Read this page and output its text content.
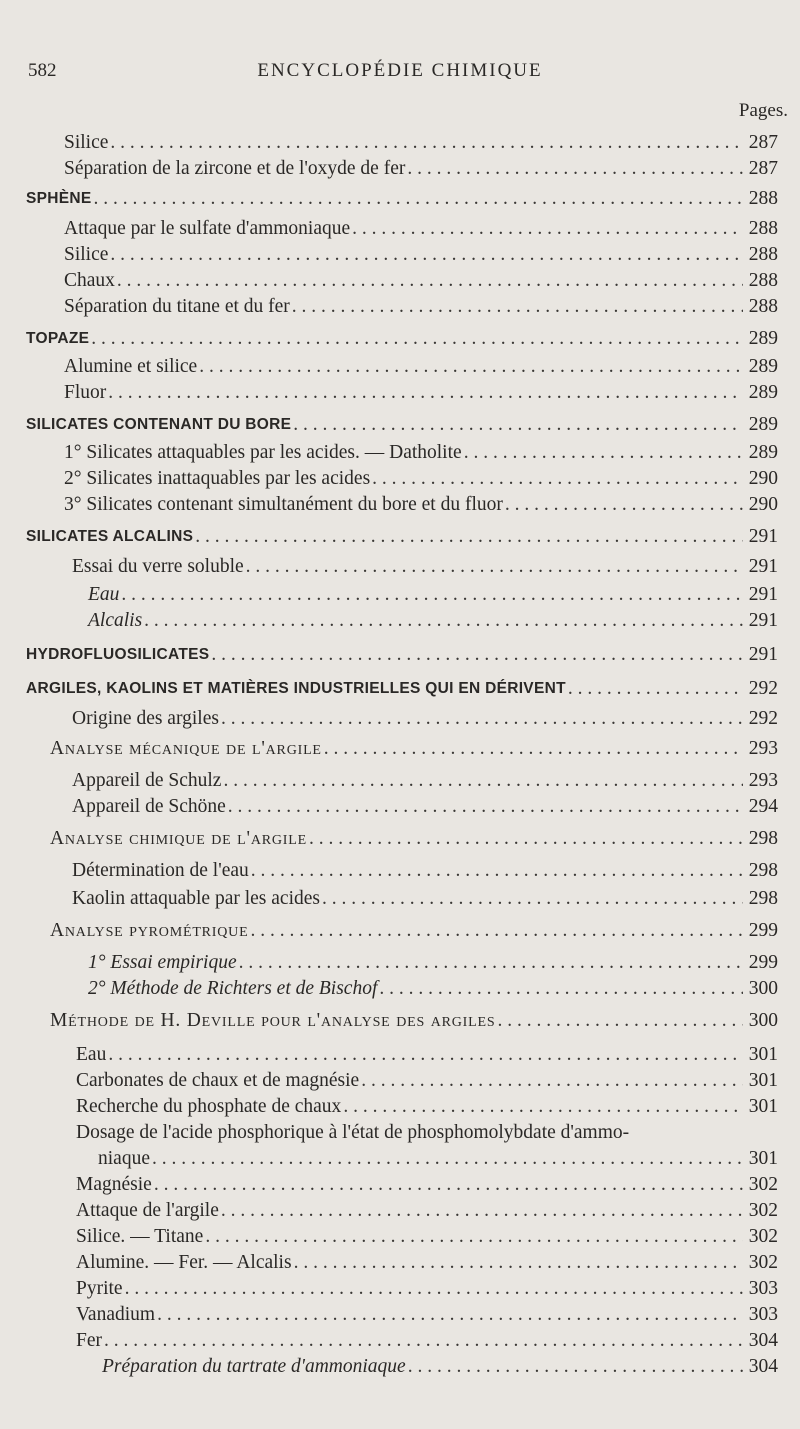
582	ENCYCLOPÉDIE CHIMIQUE
Pages.
Silice . . .	287
Séparation de la zircone et de l'oxyde de fer . . .	287
SPHÈNE . . .	288
Attaque par le sulfate d'ammoniaque . . .	288
Silice . . .	288
Chaux . . .	288
Séparation du titane et du fer . . .	288
TOPAZE . . .	289
Alumine et silice . . .	289
Fluor . . .	289
SILICATES CONTENANT DU BORE . . .	289
1° Silicates attaquables par les acides. — Datholite . . .	289
2° Silicates inattaquables par les acides . . .	290
3° Silicates contenant simultanément du bore et du fluor . . .	290
SILICATES ALCALINS . . .	291
Essai du verre soluble . . .	291
Eau . . .	291
Alcalis . . .	291
HYDROFLUOSILICATES . . .	291
ARGILES, KAOLINS ET MATIÈRES INDUSTRIELLES QUI EN DÉRIVENT . . .	292
Origine des argiles . . .	292
Analyse mécanique de l'argile . . .	293
Appareil de Schulz . . .	293
Appareil de Schöne . . .	294
Analyse chimique de l'argile . . .	298
Détermination de l'eau . . .	298
Kaolin attaquable par les acides . . .	298
Analyse pyrométrique . . .	299
1° Essai empirique . . .	299
2° Méthode de Richters et de Bischof . . .	300
Méthode de H. Deville pour l'analyse des argiles . . .	300
Eau . . .	301
Carbonates de chaux et de magnésie . . .	301
Recherche du phosphate de chaux . . .	301
Dosage de l'acide phosphorique à l'état de phosphomolybdate d'ammo-
niaque . . .	301
Magnésie . . .	302
Attaque de l'argile . . .	302
Silice. — Titane . . .	302
Alumine. — Fer. — Alcalis . . .	302
Pyrite . . .	303
Vanadium . . .	303
Fer . . .	304
Préparation du tartrate d'ammoniaque . . .	304
